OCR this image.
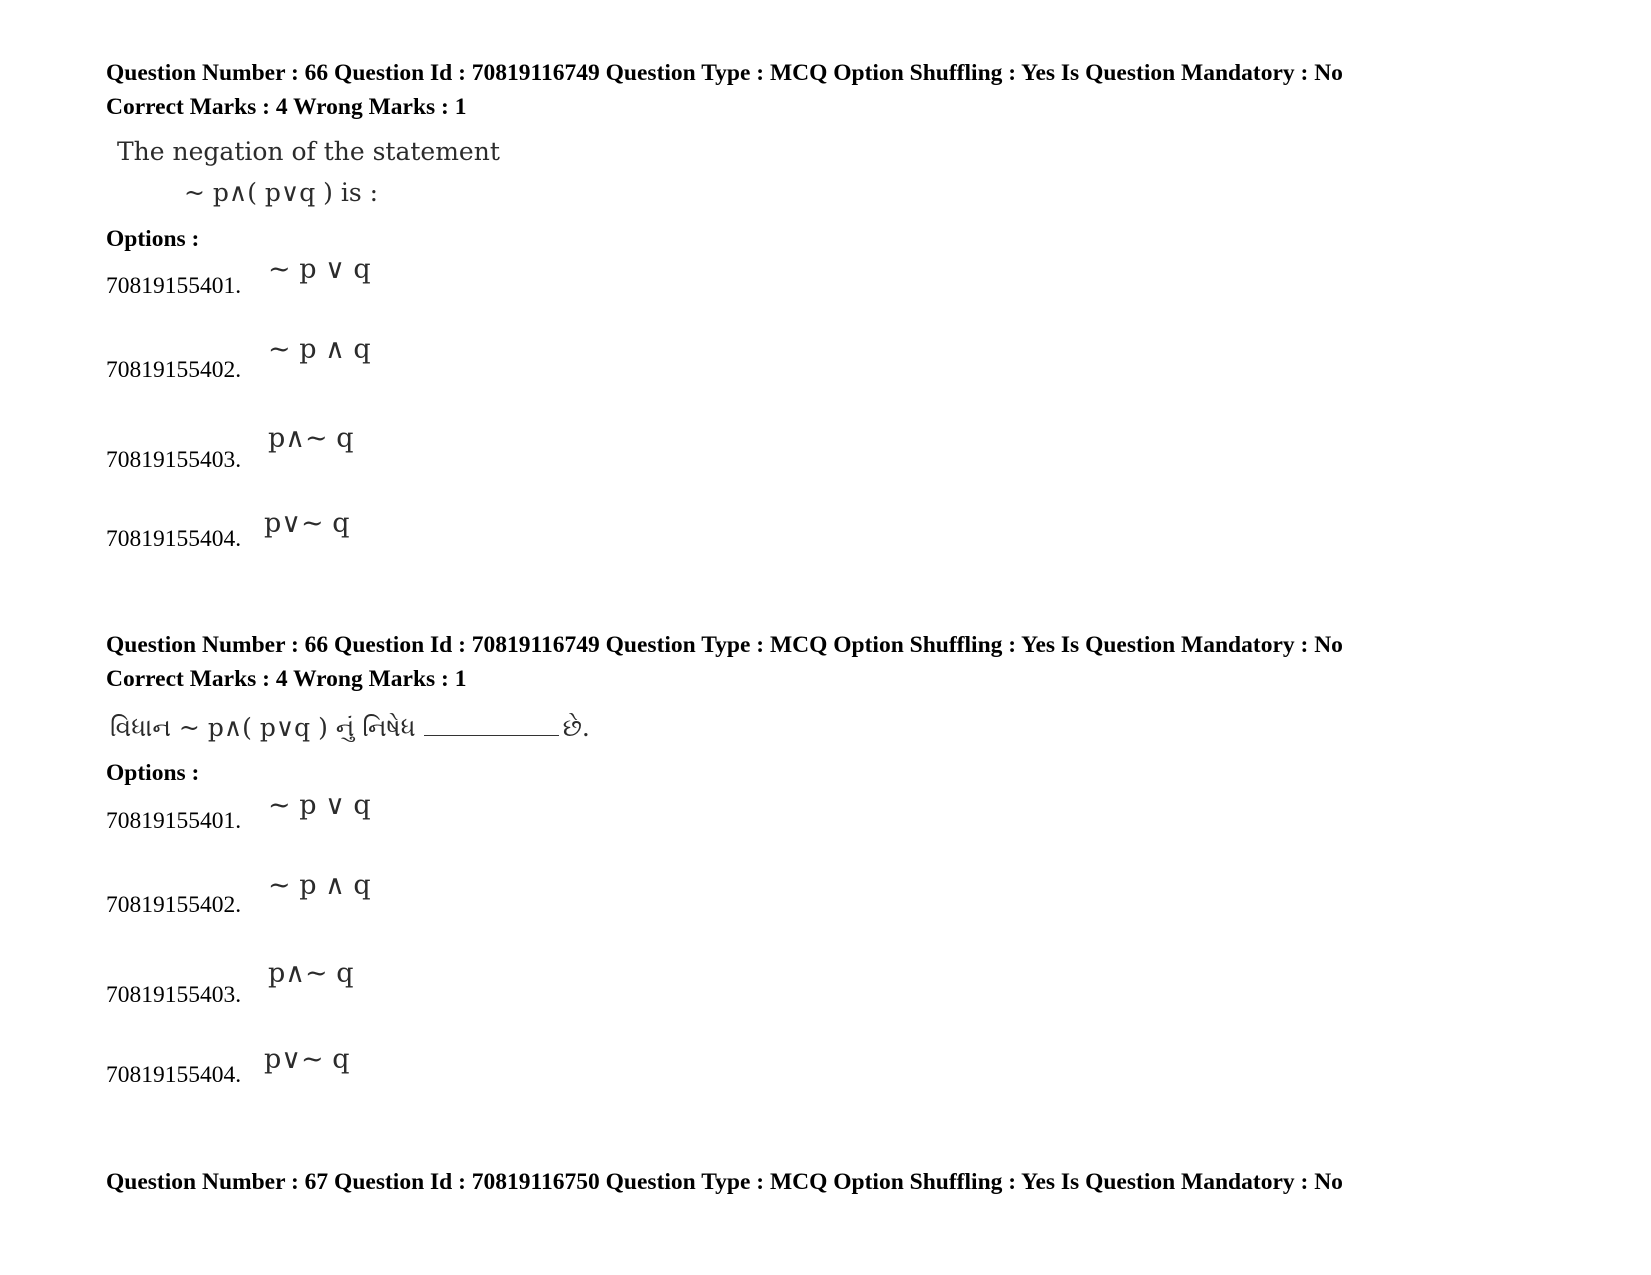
Question Number : 66 Question Id : 70819116749 Question Type : MCQ Option Shuffling : Yes Is Question Mandatory : No
Correct Marks : 4 Wrong Marks : 1
The negation of the statement
~ p∧( p∨q ) is :
Options :
70819155401.
~ p ∨ q
70819155402.
~ p ∧ q
70819155403.
p∧~ q
70819155404. p∨~ q
Question Number : 66 Question Id : 70819116749 Question Type : MCQ Option Shuffling : Yes Is Question Mandatory : No
Correct Marks : 4 Wrong Marks : 1
વિધાન ~ p∧( p∨q ) નું નિષેધ	છે.
Options :
70819155401. ~ p ∨ q
70819155402.
~ p ∧ q
70819155403.
p∧~ q
70819155404. p∨~ q
Question Number : 67 Question Id : 70819116750 Question Type : MCQ Option Shuffling : Yes Is Question Mandatory : No
